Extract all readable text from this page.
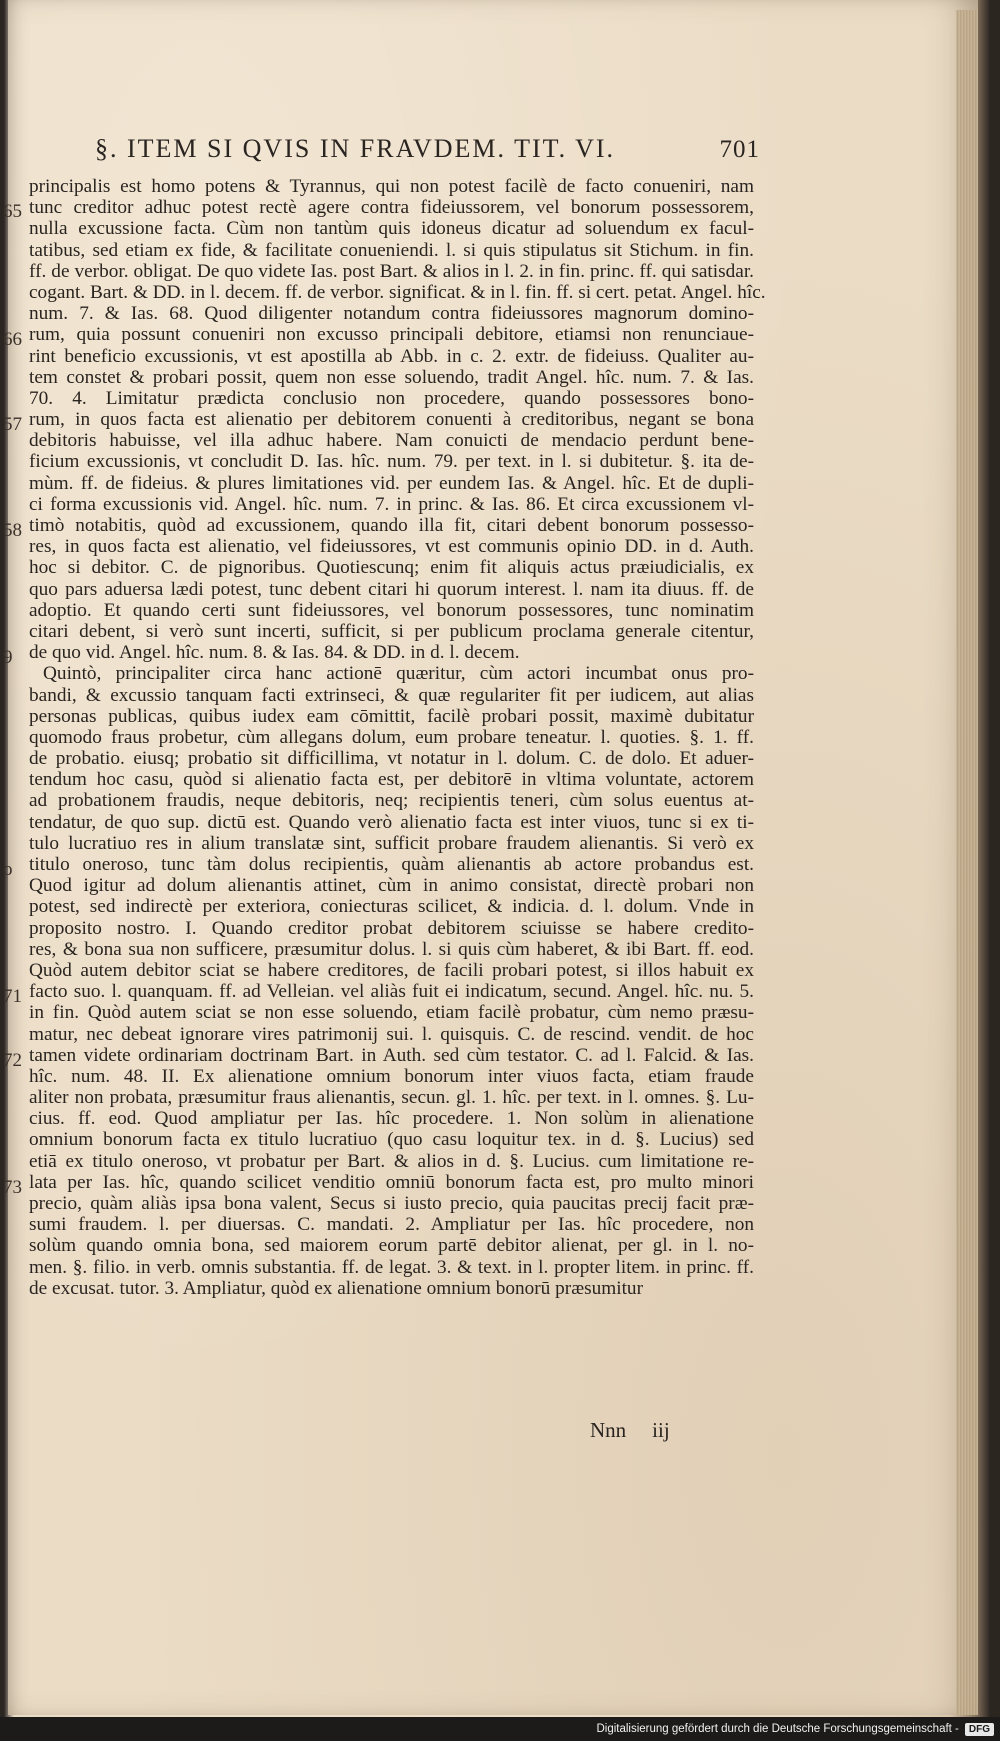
§. ITEM SI QVIS IN FRAVDEM. TIT. VI.	701
65
66
57
58
9
o
71
72
73
principalis est homo potens & Tyrannus, qui non potest facilè de facto conueniri, nam
tunc creditor adhuc potest rectè agere contra fideiussorem, vel bonorum possessorem,
nulla excussione facta. Cùm non tantùm quis idoneus dicatur ad soluendum ex facul-
tatibus, sed etiam ex fide, & facilitate conueniendi. l. si quis stipulatus sit Stichum. in fin.
ff. de verbor. obligat. De quo videte Ias. post Bart. & alios in l. 2. in fin. princ. ff. qui satisdar.
cogant. Bart. & DD. in l. decem. ff. de verbor. significat. & in l. fin. ff. si cert. petat. Angel. hîc.
num. 7. & Ias. 68. Quod diligenter notandum contra fideiussores magnorum domino-
rum, quia possunt conueniri non excusso principali debitore, etiamsi non renunciaue-
rint beneficio excussionis, vt est apostilla ab Abb. in c. 2. extr. de fideiuss. Qualiter au-
tem constet & probari possit, quem non esse soluendo, tradit Angel. hîc. num. 7. & Ias.
70. 4. Limitatur prædicta conclusio non procedere, quando possessores bono-
rum, in quos facta est alienatio per debitorem conuenti à creditoribus, negant se bona
debitoris habuisse, vel illa adhuc habere. Nam conuicti de mendacio perdunt bene-
ficium excussionis, vt concludit D. Ias. hîc. num. 79. per text. in l. si dubitetur. §. ita de-
mùm. ff. de fideius. & plures limitationes vid. per eundem Ias. & Angel. hîc. Et de dupli-
ci forma excussionis vid. Angel. hîc. num. 7. in princ. & Ias. 86. Et circa excussionem vl-
timò notabitis, quòd ad excussionem, quando illa fit, citari debent bonorum possesso-
res, in quos facta est alienatio, vel fideiussores, vt est communis opinio DD. in d. Auth.
hoc si debitor. C. de pignoribus. Quotiescunq; enim fit aliquis actus præiudicialis, ex
quo pars aduersa lædi potest, tunc debent citari hi quorum interest. l. nam ita diuus. ff. de
adoptio. Et quando certi sunt fideiussores, vel bonorum possessores, tunc nominatim
citari debent, si verò sunt incerti, sufficit, si per publicum proclama generale citentur,
de quo vid. Angel. hîc. num. 8. & Ias. 84. & DD. in d. l. decem.
Quintò, principaliter circa hanc actionē quæritur, cùm actori incumbat onus pro-
bandi, & excussio tanquam facti extrinseci, & quæ regulariter fit per iudicem, aut alias
personas publicas, quibus iudex eam cōmittit, facilè probari possit, maximè dubitatur
quomodo fraus probetur, cùm allegans dolum, eum probare teneatur. l. quoties. §. 1. ff.
de probatio. eiusq; probatio sit difficillima, vt notatur in l. dolum. C. de dolo. Et aduer-
tendum hoc casu, quòd si alienatio facta est, per debitorē in vltima voluntate, actorem
ad probationem fraudis, neque debitoris, neq; recipientis teneri, cùm solus euentus at-
tendatur, de quo sup. dictū est. Quando verò alienatio facta est inter viuos, tunc si ex ti-
tulo lucratiuo res in alium translatæ sint, sufficit probare fraudem alienantis. Si verò ex
titulo oneroso, tunc tàm dolus recipientis, quàm alienantis ab actore probandus est.
Quod igitur ad dolum alienantis attinet, cùm in animo consistat, directè probari non
potest, sed indirectè per exteriora, coniecturas scilicet, & indicia. d. l. dolum. Vnde in
proposito nostro. I. Quando creditor probat debitorem sciuisse se habere credito-
res, & bona sua non sufficere, præsumitur dolus. l. si quis cùm haberet, & ibi Bart. ff. eod.
Quòd autem debitor sciat se habere creditores, de facili probari potest, si illos habuit ex
facto suo. l. quanquam. ff. ad Velleian. vel aliàs fuit ei indicatum, secund. Angel. hîc. nu. 5.
in fin. Quòd autem sciat se non esse soluendo, etiam facilè probatur, cùm nemo præsu-
matur, nec debeat ignorare vires patrimonij sui. l. quisquis. C. de rescind. vendit. de hoc
tamen videte ordinariam doctrinam Bart. in Auth. sed cùm testator. C. ad l. Falcid. & Ias.
hîc. num. 48. II. Ex alienatione omnium bonorum inter viuos facta, etiam fraude
aliter non probata, præsumitur fraus alienantis, secun. gl. 1. hîc. per text. in l. omnes. §. Lu-
cius. ff. eod. Quod ampliatur per Ias. hîc procedere. 1. Non solùm in alienatione
omnium bonorum facta ex titulo lucratiuo (quo casu loquitur tex. in d. §. Lucius) sed
etiā ex titulo oneroso, vt probatur per Bart. & alios in d. §. Lucius. cum limitatione re-
lata per Ias. hîc, quando scilicet venditio omniū bonorum facta est, pro multo minori
precio, quàm aliàs ipsa bona valent, Secus si iusto precio, quia paucitas precij facit præ-
sumi fraudem. l. per diuersas. C. mandati. 2. Ampliatur per Ias. hîc procedere, non
solùm quando omnia bona, sed maiorem eorum partē debitor alienat, per gl. in l. no-
men. §. filio. in verb. omnis substantia. ff. de legat. 3. & text. in l. propter litem. in princ. ff.
de excusat. tutor. 3. Ampliatur, quòd ex alienatione omnium bonorū præsumitur
Nnn iij
Digitalisierung gefördert durch die Deutsche Forschungsgemeinschaft -	DFG
